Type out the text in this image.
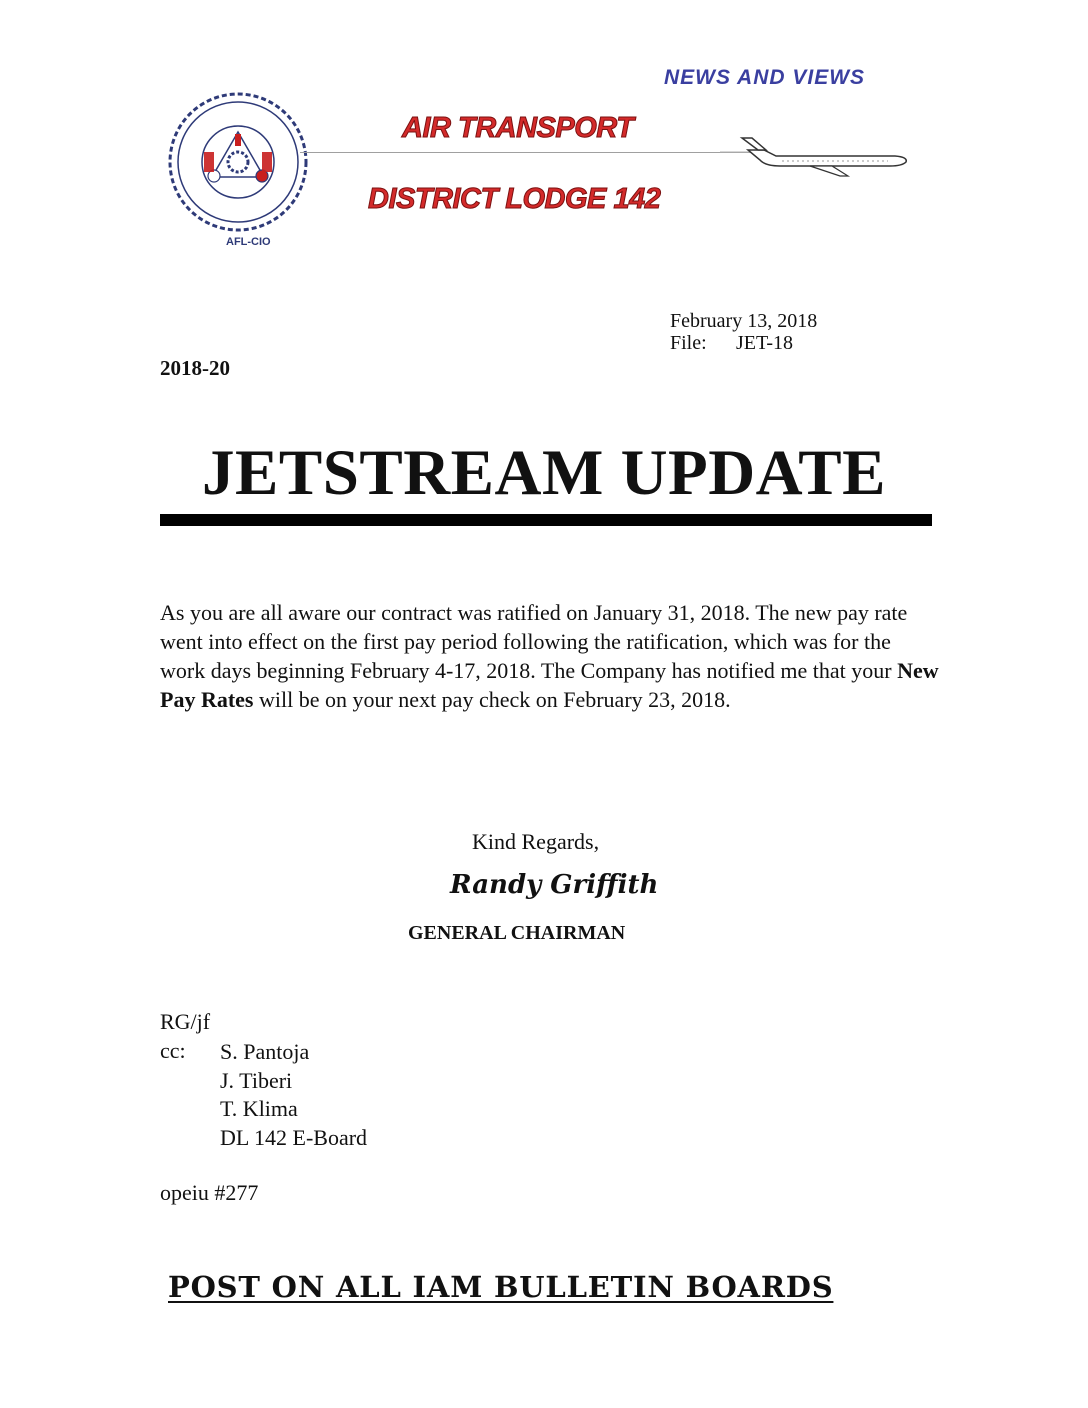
NEWS AND VIEWS
AIR TRANSPORT
DISTRICT LODGE 142
AFL-CIO
February 13, 2018
File: JET-18
2018-20
JETSTREAM UPDATE
As you are all aware our contract was ratified on January 31, 2018. The new pay rate went into effect on the first pay period following the ratification, which was for the work days beginning February 4-17, 2018. The Company has notified me that your New Pay Rates will be on your next pay check on February 23, 2018.
Kind Regards,
Randy Griffith
GENERAL CHAIRMAN
RG/jf
cc: S. Pantoja
J. Tiberi
T. Klima
DL 142 E-Board
opeiu #277
POST ON ALL IAM BULLETIN BOARDS
